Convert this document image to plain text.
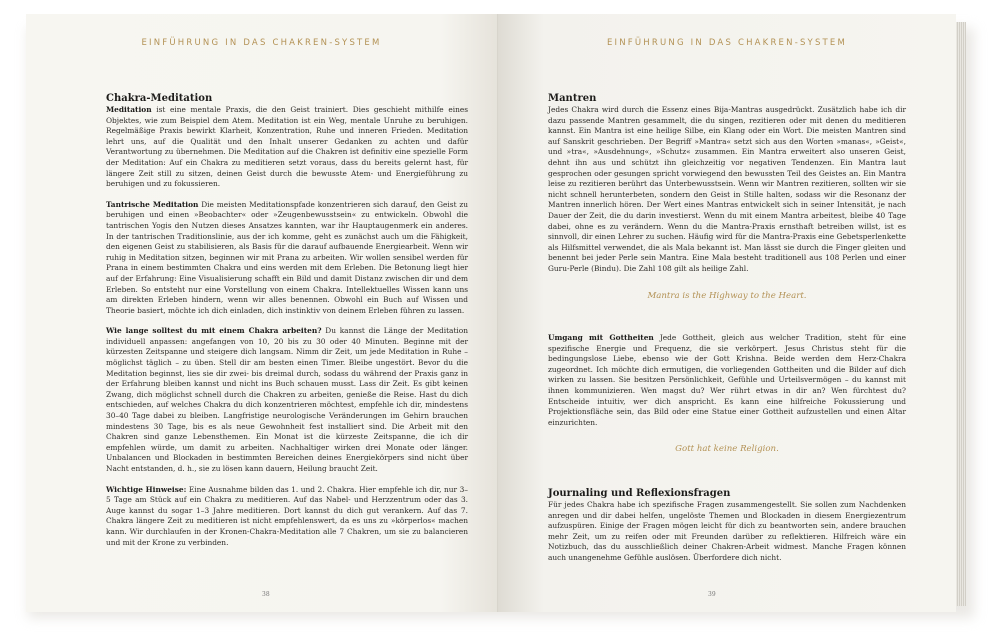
EINFÜHRUNG IN DAS CHAKREN-SYSTEM
Chakra-Meditation

Meditation ist eine mentale Praxis, die den Geist trainiert. Dies geschieht mithilfe eines Objektes, wie zum Beispiel dem Atem. Meditation ist ein Weg, mentale Unruhe zu beruhigen. Regelmäßige Praxis bewirkt Klarheit, Konzentration, Ruhe und inneren Frieden. Meditation lehrt uns, auf die Qualität und den Inhalt unserer Gedanken zu achten und dafür Verantwortung zu übernehmen. Die Meditation auf die Chakren ist definitiv eine spezielle Form der Meditation: Auf ein Chakra zu meditieren setzt voraus, dass du bereits gelernt hast, für längere Zeit still zu sitzen, deinen Geist durch die bewusste Atem- und Energieführung zu beruhigen und zu fokussieren.

Tantrische Meditation Die meisten Meditationspfade konzentrieren sich darauf, den Geist zu beruhigen und einen »Beobachter« oder »Zeugenbewusstsein« zu entwickeln. Obwohl die tantrischen Yogis den Nutzen dieses Ansatzes kannten, war ihr Hauptaugenmerk ein anderes. In der tantrischen Traditionslinie, aus der ich komme, geht es zunächst auch um die Fähigkeit, den eigenen Geist zu stabilisieren, als Basis für die darauf aufbauende Energiearbeit. Wenn wir ruhig in Meditation sitzen, beginnen wir mit Prana zu arbeiten. Wir wollen sensibel werden für Prana in einem bestimmten Chakra und eins werden mit dem Erleben. Die Betonung liegt hier auf der Erfahrung: Eine Visualisierung schafft ein Bild und damit Distanz zwischen dir und dem Erleben. So entsteht nur eine Vorstellung von einem Chakra. Intellektuelles Wissen kann uns am direkten Erleben hindern, wenn wir alles benennen. Obwohl ein Buch auf Wissen und Theorie basiert, möchte ich dich einladen, dich instinktiv von deinem Erleben führen zu lassen.

Wie lange solltest du mit einem Chakra arbeiten? Du kannst die Länge der Meditation individuell anpassen: angefangen von 10, 20 bis zu 30 oder 40 Minuten. Beginne mit der kürzesten Zeitspanne und steigere dich langsam. Nimm dir Zeit, um jede Meditation in Ruhe – möglichst täglich – zu üben. Stell dir am besten einen Timer. Bleibe ungestört. Bevor du die Meditation beginnst, lies sie dir zwei- bis dreimal durch, sodass du während der Praxis ganz in der Erfahrung bleiben kannst und nicht ins Buch schauen musst. Lass dir Zeit. Es gibt keinen Zwang, dich möglichst schnell durch die Chakren zu arbeiten, genieße die Reise. Hast du dich entschieden, auf welches Chakra du dich konzentrieren möchtest, empfehle ich dir, mindestens 30–40 Tage dabei zu bleiben. Langfristige neurologische Veränderungen im Gehirn brauchen mindestens 30 Tage, bis es als neue Gewohnheit fest installiert sind. Die Arbeit mit den Chakren sind ganze Lebensthemen. Ein Monat ist die kürzeste Zeitspanne, die ich dir empfehlen würde, um damit zu arbeiten. Nachhaltiger wirken drei Monate oder länger. Unbalancen und Blockaden in bestimmten Bereichen deines Energiekörpers sind nicht über Nacht entstanden, d. h., sie zu lösen kann dauern, Heilung braucht Zeit.

Wichtige Hinweise: Eine Ausnahme bilden das 1. und 2. Chakra. Hier empfehle ich dir, nur 3–5 Tage am Stück auf ein Chakra zu meditieren. Auf das Nabel- und Herzzentrum oder das 3. Auge kannst du sogar 1–3 Jahre meditieren. Dort kannst du dich gut verankern. Auf das 7. Chakra längere Zeit zu meditieren ist nicht empfehlenswert, da es uns zu »körperlos« machen kann. Wir durchlaufen in der Kronen-Chakra-Meditation alle 7 Chakren, um sie zu balancieren und mit der Krone zu verbinden.

38
EINFÜHRUNG IN DAS CHAKREN-SYSTEM
Mantren

Jedes Chakra wird durch die Essenz eines Bija-Mantras ausgedrückt. Zusätzlich habe ich dir dazu passende Mantren gesammelt, die du singen, rezitieren oder mit denen du meditieren kannst. Ein Mantra ist eine heilige Silbe, ein Klang oder ein Wort. Die meisten Mantren sind auf Sanskrit geschrieben. Der Begriff »Mantra« setzt sich aus den Worten »manas«, »Geist«, und »tra«, »Ausdehnung«, »Schutz« zusammen. Ein Mantra erweitert also unseren Geist, dehnt ihn aus und schützt ihn gleichzeitig vor negativen Tendenzen. Ein Mantra laut gesprochen oder gesungen spricht vorwiegend den bewussten Teil des Geistes an. Ein Mantra leise zu rezitieren berührt das Unterbewusstsein. Wenn wir Mantren rezitieren, sollten wir sie nicht schnell herunterbeten, sondern den Geist in Stille halten, sodass wir die Resonanz der Mantren innerlich hören. Der Wert eines Mantras entwickelt sich in seiner Intensität, je nach Dauer der Zeit, die du darin investierst. Wenn du mit einem Mantra arbeitest, bleibe 40 Tage dabei, ohne es zu verändern. Wenn du die Mantra-Praxis ernsthaft betreiben willst, ist es sinnvoll, dir einen Lehrer zu suchen. Häufig wird für die Mantra-Praxis eine Gebetsperlenkette als Hilfsmittel verwendet, die als Mala bekannt ist. Man lässt sie durch die Finger gleiten und benennt bei jeder Perle sein Mantra. Eine Mala besteht traditionell aus 108 Perlen und einer Guru-Perle (Bindu). Die Zahl 108 gilt als heilige Zahl.

Mantra is the Highway to the Heart.

Umgang mit Gottheiten Jede Gottheit, gleich aus welcher Tradition, steht für eine spezifische Energie und Frequenz, die sie verkörpert. Jesus Christus steht für die bedingungslose Liebe, ebenso wie der Gott Krishna. Beide werden dem Herz-Chakra zugeordnet. Ich möchte dich ermutigen, die vorliegenden Gottheiten und die Bilder auf dich wirken zu lassen. Sie besitzen Persönlichkeit, Gefühle und Urteilsvermögen – du kannst mit ihnen kommunizieren. Wen magst du? Wer rührt etwas in dir an? Wen fürchtest du? Entscheide intuitiv, wer dich anspricht. Es kann eine hilfreiche Fokussierung und Projektionsfläche sein, das Bild oder eine Statue einer Gottheit aufzustellen und einen Altar einzurichten.

Gott hat keine Religion.
Journaling und Reflexionsfragen

Für jedes Chakra habe ich spezifische Fragen zusammengestellt. Sie sollen zum Nachdenken anregen und dir dabei helfen, ungelöste Themen und Blockaden in diesem Energiezentrum aufzuspüren. Einige der Fragen mögen leicht für dich zu beantworten sein, andere brauchen mehr Zeit, um zu reifen oder mit Freunden darüber zu reflektieren. Hilfreich wäre ein Notizbuch, das du ausschließlich deiner Chakren-Arbeit widmest. Manche Fragen können auch unangenehme Gefühle auslösen. Überfordere dich nicht.

39
